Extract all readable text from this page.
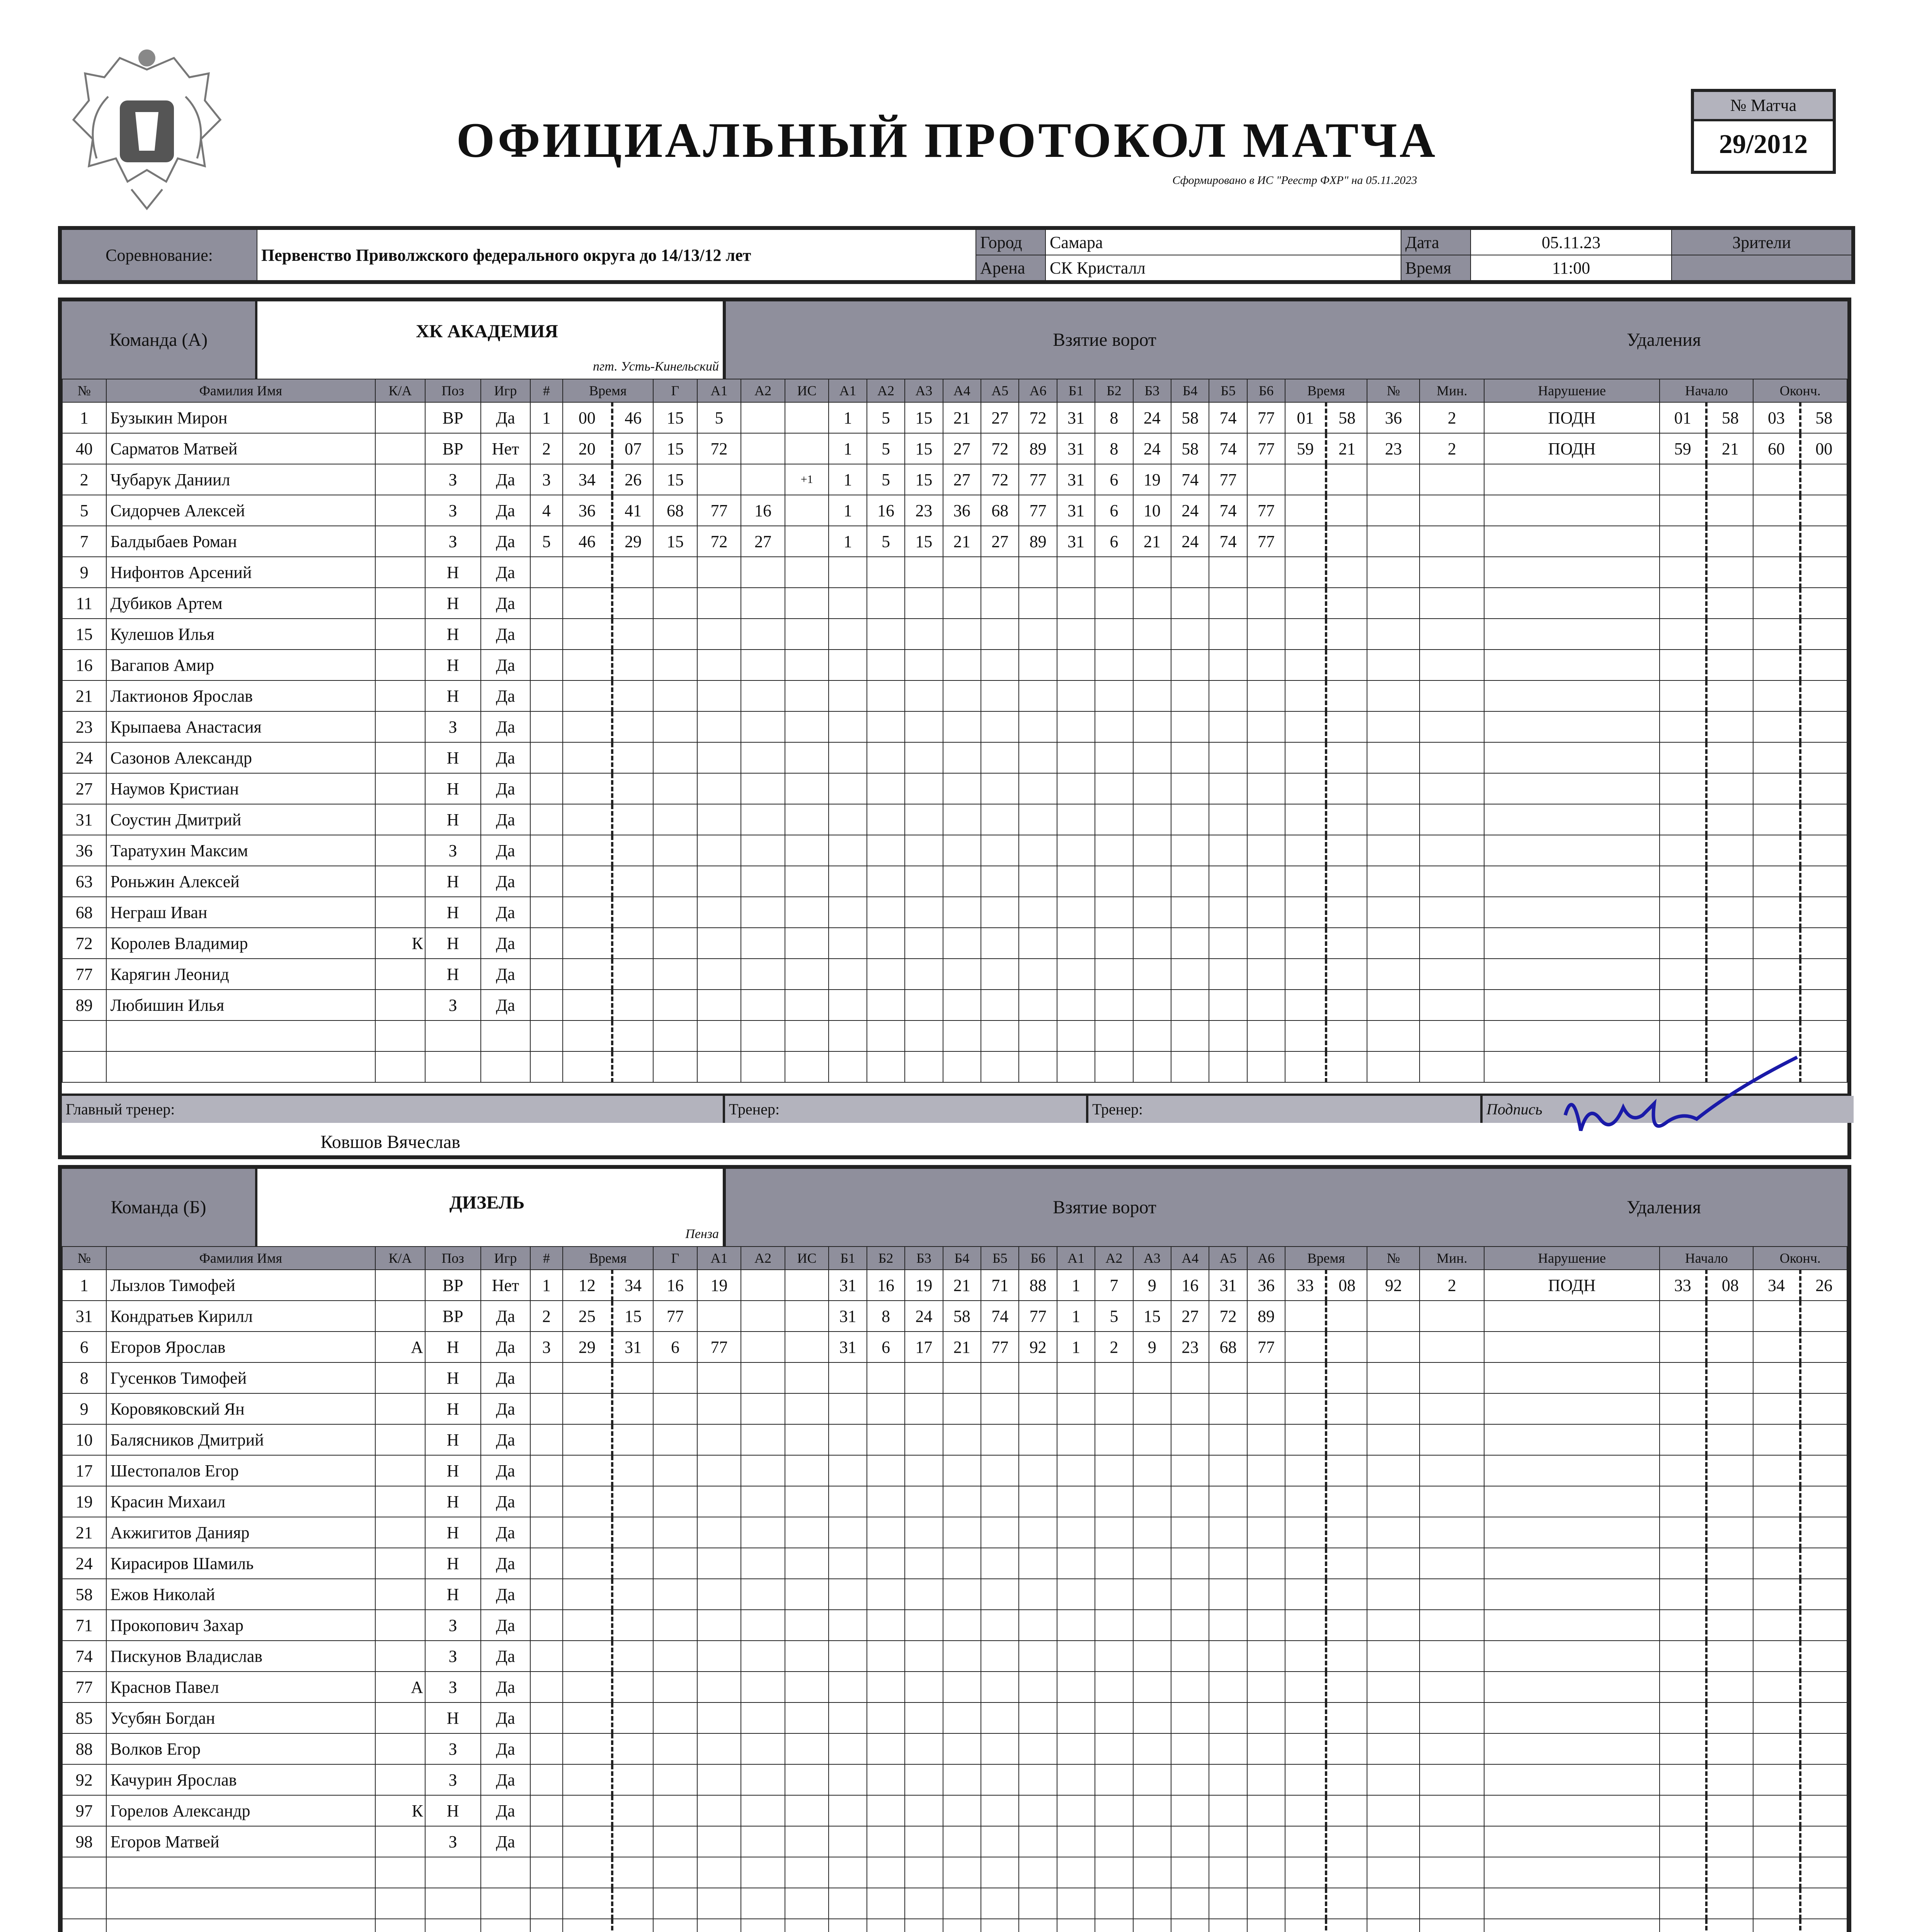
ОФИЦИАЛЬНЫЙ ПРОТОКОЛ МАТЧА
Сформировано в ИС "Реестр ФХР" на 05.11.2023
№ Матча
29/2012
Соревнование:	Первенство Приволжского федерального округа до 14/13/12 лет	Город	Самара	Дата	05.11.23	Зрители
		Арена	СК Кристалл	Время	11:00	
Команда (А)	ХК АКАДЕМИЯ
пгт. Усть-Кинельский
Взятие ворот	Удаления
№	Фамилия Имя	К/А	Поз	Игр	#	Время		Г	А1	А2	ИС	А1	А2	А3	А4	А5	А6	Б1	Б2	Б3	Б4	Б5	Б6	Время		№	Мин.	Нарушение	Начало		Оконч.	
1	Бузыкин Мирон		ВР	Да	1	00	46	15	5			1	5	15	21	27	72	31	8	24	58	74	77	01	58	36	2	ПОДН	01	58	03	58
40	Сарматов Матвей		ВР	Нет	2	20	07	15	72			1	5	15	27	72	89	31	8	24	58	74	77	59	21	23	2	ПОДН	59	21	60	00
2	Чубарук Даниил		З	Да	3	34	26	15			+1	1	5	15	27	72	77	31	6	19	74	77										
5	Сидорчев Алексей		З	Да	4	36	41	68	77	16		1	16	23	36	68	77	31	6	10	24	74	77									
7	Балдыбаев Роман		З	Да	5	46	29	15	72	27		1	5	15	21	27	89	31	6	21	24	74	77									
9	Нифонтов Арсений		Н	Да																												
11	Дубиков Артем		Н	Да																												
15	Кулешов Илья		Н	Да																												
16	Вагапов Амир		Н	Да																												
21	Лактионов Ярослав		Н	Да																												
23	Крыпаева Анастасия		З	Да																												
24	Сазонов Александр		Н	Да																												
27	Наумов Кристиан		Н	Да																												
31	Соустин Дмитрий		Н	Да																												
36	Таратухин Максим		З	Да																												
63	Роньжин Алексей		Н	Да																												
68	Неграш Иван		Н	Да																												
72	Королев Владимир	К	Н	Да																												
77	Карягин Леонид		Н	Да																												
89	Любишин Илья		З	Да																												

Главный тренер:
Ковшов Вячеслав
Тренер:	Тренер:	Подпись
Команда (Б)	ДИЗЕЛЬ
Пенза
Взятие ворот	Удаления
№	Фамилия Имя	К/А	Поз	Игр	#	Время		Г	А1	А2	ИС	Б1	Б2	Б3	Б4	Б5	Б6	А1	А2	А3	А4	А5	А6	Время		№	Мин.	Нарушение	Начало		Оконч.	
1	Лызлов Тимофей		ВР	Нет	1	12	34	16	19			31	16	19	21	71	88	1	7	9	16	31	36	33	08	92	2	ПОДН	33	08	34	26
31	Кондратьев Кирилл		ВР	Да	2	25	15	77				31	8	24	58	74	77	1	5	15	27	72	89									
6	Егоров Ярослав	А	Н	Да	3	29	31	6	77			31	6	17	21	77	92	1	2	9	23	68	77									
8	Гусенков Тимофей		Н	Да																												
9	Коровяковский Ян		Н	Да																												
10	Балясников Дмитрий		Н	Да																												
17	Шестопалов Егор		Н	Да																												
19	Красин Михаил		Н	Да																												
21	Акжигитов Данияр		Н	Да																												
24	Кирасиров Шамиль		Н	Да																												
58	Ежов Николай		Н	Да																												
71	Прокопович Захар		З	Да																												
74	Пискунов Владислав		З	Да																												
77	Краснов Павел	А	З	Да																												
85	Усубян Богдан		Н	Да																												
88	Волков Егор		З	Да																												
92	Качурин Ярослав		З	Да																												
97	Горелов Александр	К	Н	Да																												
98	Егоров Матвей		З	Да																												
